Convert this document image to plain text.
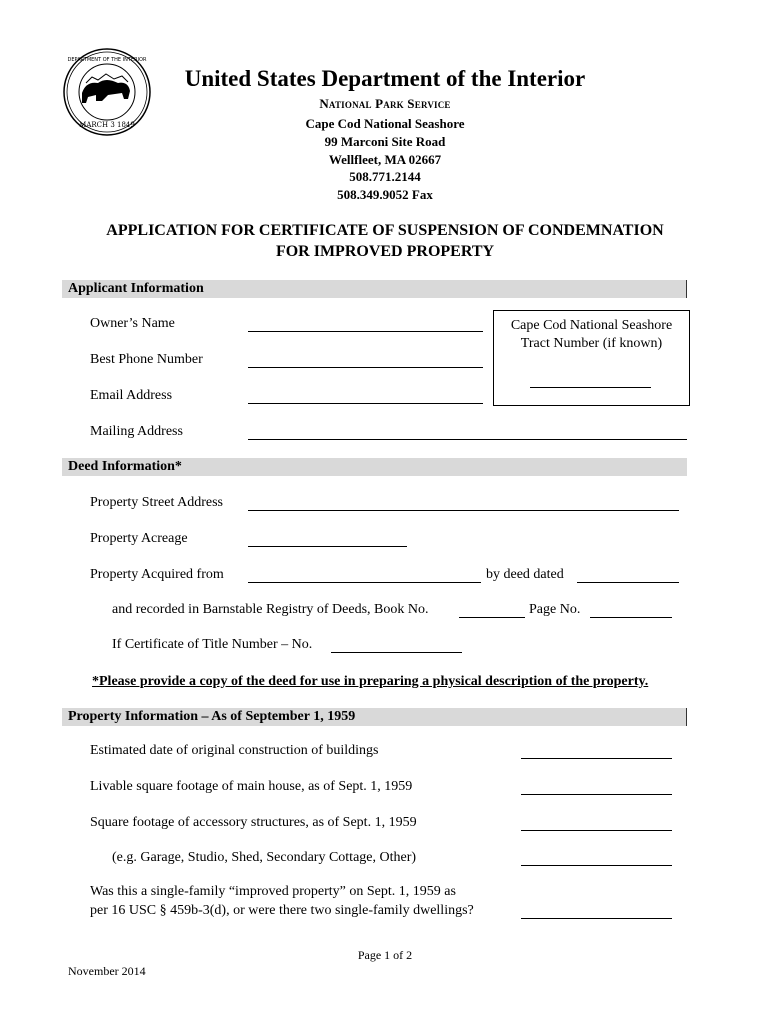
DEPARTMENT OF THE INTERIOR
MARCH 3 1849
United States Department of the Interior
National Park Service
Cape Cod National Seashore
99 Marconi Site Road
Wellfleet, MA 02667
508.771.2144
508.349.9052 Fax
APPLICATION FOR CERTIFICATE OF SUSPENSION OF CONDEMNATION
FOR IMPROVED PROPERTY
Applicant Information
Owner’s Name
Best Phone Number
Email Address
Mailing Address
Cape Cod National Seashore
Tract Number (if known)
Deed Information*
Property Street Address
Property Acreage
Property Acquired from	by deed dated
and recorded in Barnstable Registry of Deeds, Book No.	Page No.
If Certificate of Title Number – No.
*Please provide a copy of the deed for use in preparing a physical description of the property.
Property Information – As of September 1, 1959
Estimated date of original construction of buildings
Livable square footage of main house, as of Sept. 1, 1959
Square footage of accessory structures, as of Sept. 1, 1959
(e.g. Garage, Studio, Shed, Secondary Cottage, Other)
Was this a single-family “improved property” on Sept. 1, 1959 as
per 16 USC § 459b-3(d), or were there two single-family dwellings?
Page 1 of 2
November 2014
